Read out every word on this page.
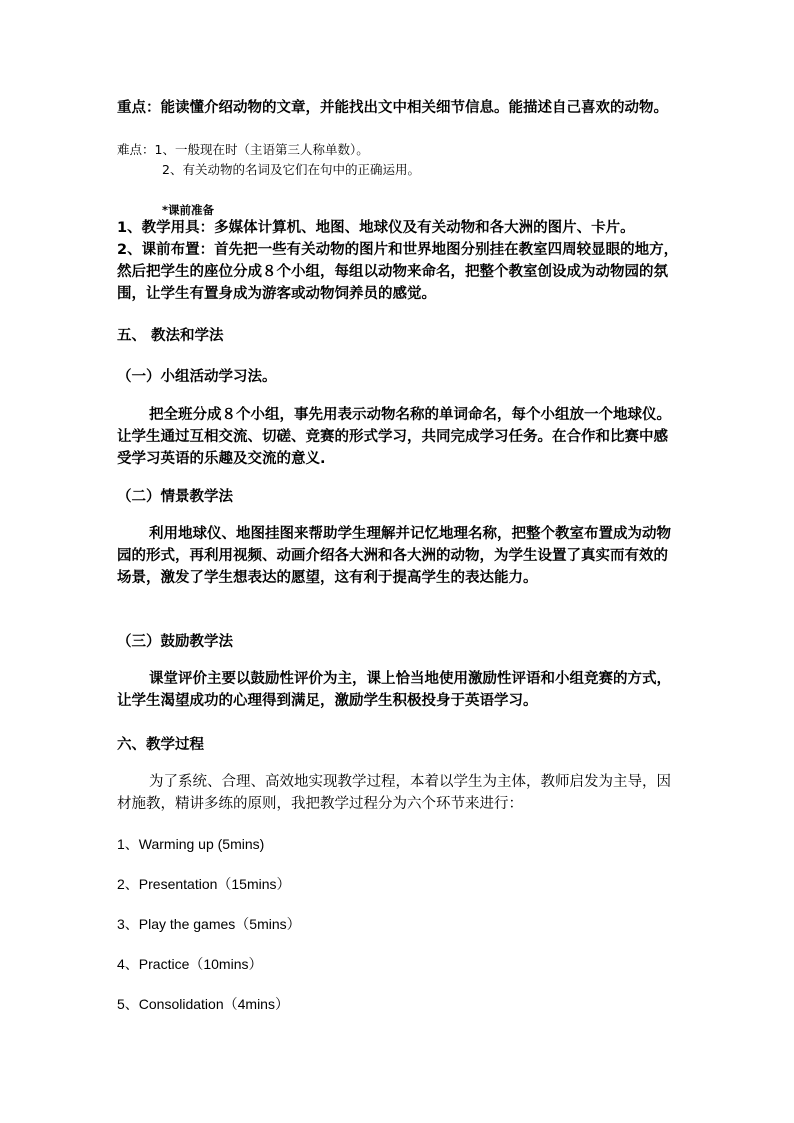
重点：能读懂介绍动物的文章，并能找出文中相关细节信息。能描述自己喜欢的动物。

难点：1、一般现在时（主语第三人称单数）。

2、有关动物的名词及它们在句中的正确运用。

*课前准备

1、教学用具：多媒体计算机、地图、地球仪及有关动物和各大洲的图片、卡片。

2、课前布置：首先把一些有关动物的图片和世界地图分别挂在教室四周较显眼的地方，然后把学生的座位分成８个小组，每组以动物来命名，把整个教室创设成为动物园的氛围，让学生有置身成为游客或动物饲养员的感觉。

五、 教法和学法

（一）小组活动学习法。

把全班分成８个小组，事先用表示动物名称的单词命名，每个小组放一个地球仪。让学生通过互相交流、切磋、竞赛的形式学习，共同完成学习任务。在合作和比赛中感受学习英语的乐趣及交流的意义.

（二）情景教学法

利用地球仪、地图挂图来帮助学生理解并记忆地理名称，把整个教室布置成为动物园的形式，再利用视频、动画介绍各大洲和各大洲的动物，为学生设置了真实而有效的场景，激发了学生想表达的愿望，这有利于提高学生的表达能力。

（三）鼓励教学法

课堂评价主要以鼓励性评价为主，课上恰当地使用激励性评语和小组竞赛的方式，让学生渴望成功的心理得到满足，激励学生积极投身于英语学习。

六、教学过程

为了系统、合理、高效地实现教学过程，本着以学生为主体，教师启发为主导，因材施教，精讲多练的原则，我把教学过程分为六个环节来进行：

1、Warming up (5mins)

2、Presentation（15mins）

3、Play the games（5mins）

4、Practice（10mins）

5、Consolidation（4mins）
